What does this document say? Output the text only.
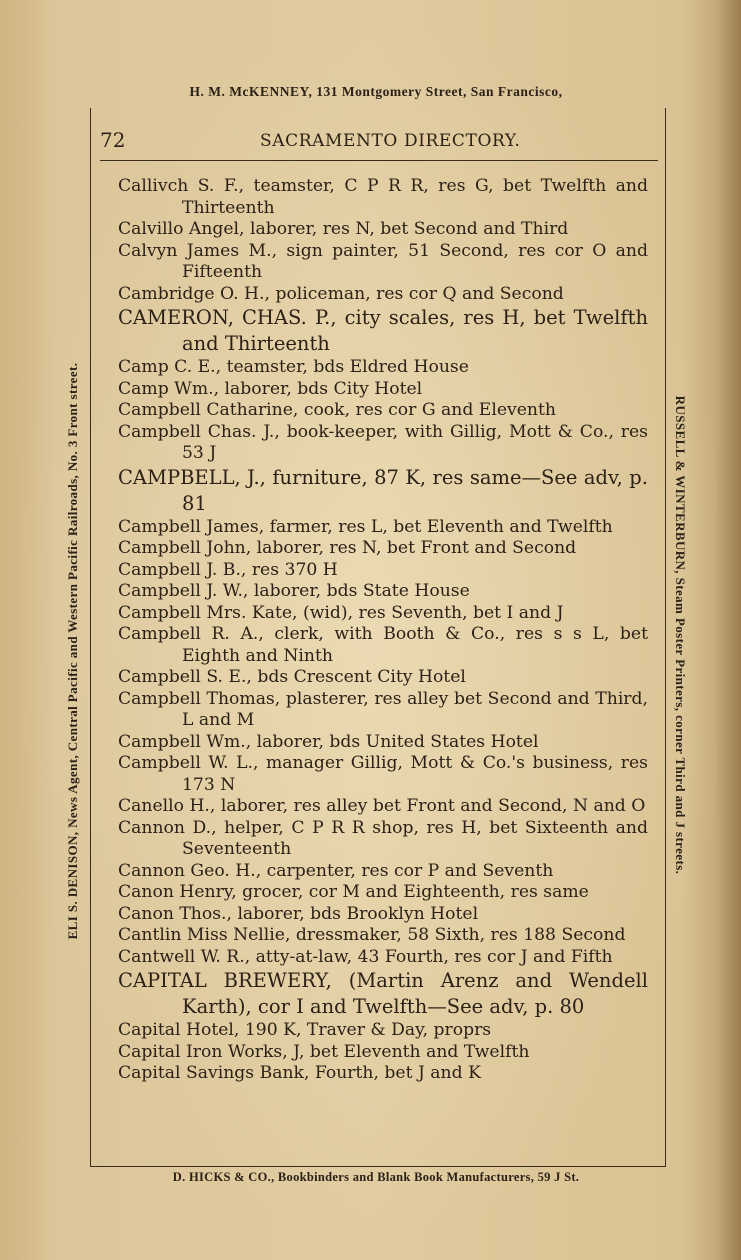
H. M. McKENNEY, 131 Montgomery Street, San Francisco,
ELI S. DENISON, News Agent, Central Pacific and Western Pacific Railroads, No. 3 Front street.	RUSSELL & WINTERBURN, Steam Poster Printers, corner Third and J streets.
72	SACRAMENTO DIRECTORY.
Callivch S. F., teamster, C P R R, res G, bet Twelfth and Thirteenth
Calvillo Angel, laborer, res N, bet Second and Third
Calvyn James M., sign painter, 51 Second, res cor O and Fifteenth
Cambridge O. H., policeman, res cor Q and Second
CAMERON, CHAS. P., city scales, res H, bet Twelfth and Thirteenth
Camp C. E., teamster, bds Eldred House
Camp Wm., laborer, bds City Hotel
Campbell Catharine, cook, res cor G and Eleventh
Campbell Chas. J., book-keeper, with Gillig, Mott & Co., res 53 J
CAMPBELL, J., furniture, 87 K, res same—See adv, p. 81
Campbell James, farmer, res L, bet Eleventh and Twelfth
Campbell John, laborer, res N, bet Front and Second
Campbell J. B., res 370 H
Campbell J. W., laborer, bds State House
Campbell Mrs. Kate, (wid), res Seventh, bet I and J
Campbell R. A., clerk, with Booth & Co., res s s L, bet Eighth and Ninth
Campbell S. E., bds Crescent City Hotel
Campbell Thomas, plasterer, res alley bet Second and Third, L and M
Campbell Wm., laborer, bds United States Hotel
Campbell W. L., manager Gillig, Mott & Co.'s business, res 173 N
Canello H., laborer, res alley bet Front and Second, N and O
Cannon D., helper, C P R R shop, res H, bet Sixteenth and Seventeenth
Cannon Geo. H., carpenter, res cor P and Seventh
Canon Henry, grocer, cor M and Eighteenth, res same
Canon Thos., laborer, bds Brooklyn Hotel
Cantlin Miss Nellie, dressmaker, 58 Sixth, res 188 Second
Cantwell W. R., atty-at-law, 43 Fourth, res cor J and Fifth
CAPITAL BREWERY, (Martin Arenz and Wendell Karth), cor I and Twelfth—See adv, p. 80
Capital Hotel, 190 K, Traver & Day, proprs
Capital Iron Works, J, bet Eleventh and Twelfth
Capital Savings Bank, Fourth, bet J and K
D. HICKS & CO., Bookbinders and Blank Book Manufacturers, 59 J St.
